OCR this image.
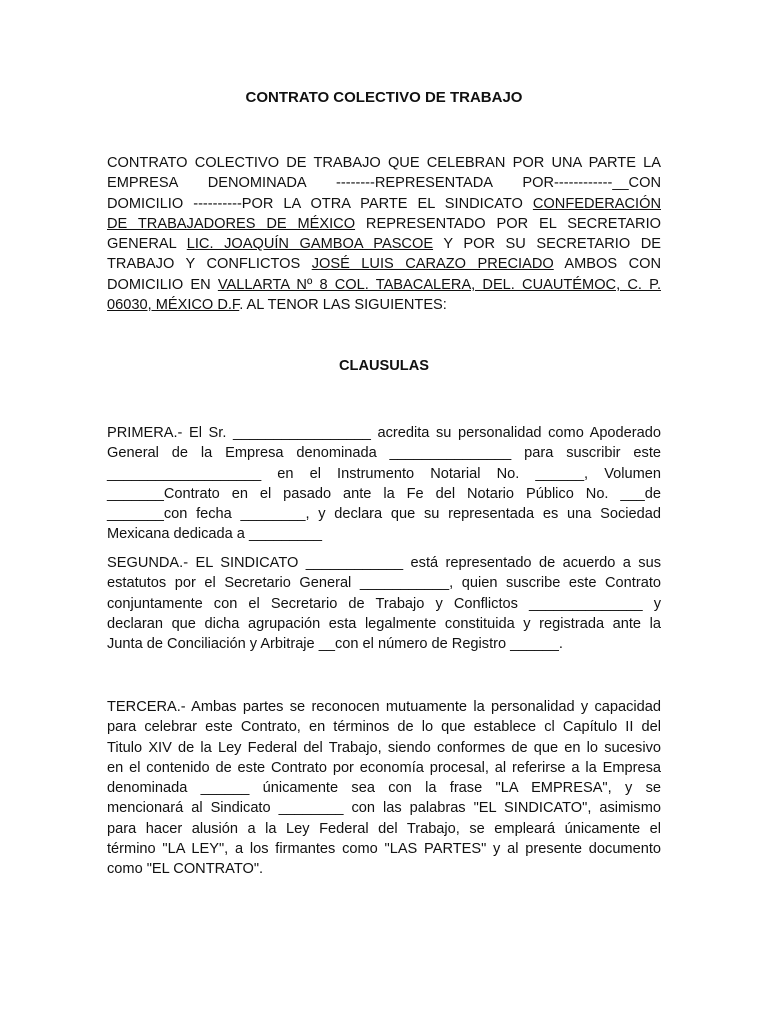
CONTRATO COLECTIVO DE TRABAJO
CONTRATO COLECTIVO DE TRABAJO QUE CELEBRAN POR UNA PARTE LA
EMPRESA DENOMINADA --------REPRESENTADA POR------------__CON
DOMICILIO ----------POR LA OTRA PARTE EL SINDICATO CONFEDERACIÓN
DE TRABAJADORES DE MÉXICO REPRESENTADO POR EL SECRETARIO
GENERAL LIC. JOAQUÍN GAMBOA PASCOE Y POR SU SECRETARIO DE
TRABAJO Y CONFLICTOS JOSÉ LUIS CARAZO PRECIADO AMBOS CON
DOMICILIO EN VALLARTA Nº 8 COL. TABACALERA, DEL. CUAUTÉMOC, C. P.
06030, MÉXICO D.F. AL TENOR LAS SIGUIENTES:
CLAUSULAS
PRIMERA.- El Sr. _________________ acredita su personalidad como Apoderado
General de la Empresa denominada _______________ para suscribir este
___________________ en el Instrumento Notarial No. ______, Volumen
_______Contrato en el pasado ante la Fe del Notario Público No. ___de
_______con fecha ________, y declara que su representada es una Sociedad
Mexicana dedicada a _________
SEGUNDA.- EL SINDICATO ____________ está representado de acuerdo a sus
estatutos por el Secretario General ___________, quien suscribe este Contrato
conjuntamente con el Secretario de Trabajo y Conflictos ______________ y
declaran que dicha agrupación esta legalmente constituida y registrada ante la
Junta de Conciliación y Arbitraje __con el número de Registro ______.
TERCERA.- Ambas partes se reconocen mutuamente la personalidad y capacidad
para celebrar este Contrato, en términos de lo que establece cl Capítulo II del
Titulo XIV de la Ley Federal del Trabajo, siendo conformes de que en lo sucesivo
en el contenido de este Contrato por economía procesal, al referirse a la Empresa
denominada ______ únicamente sea con la frase "LA EMPRESA", y se
mencionará al Sindicato ________ con las palabras "EL SINDICATO", asimismo
para hacer alusión a la Ley Federal del Trabajo, se empleará únicamente el
término "LA LEY", a los firmantes como "LAS PARTES" y al presente documento
como "EL CONTRATO".
